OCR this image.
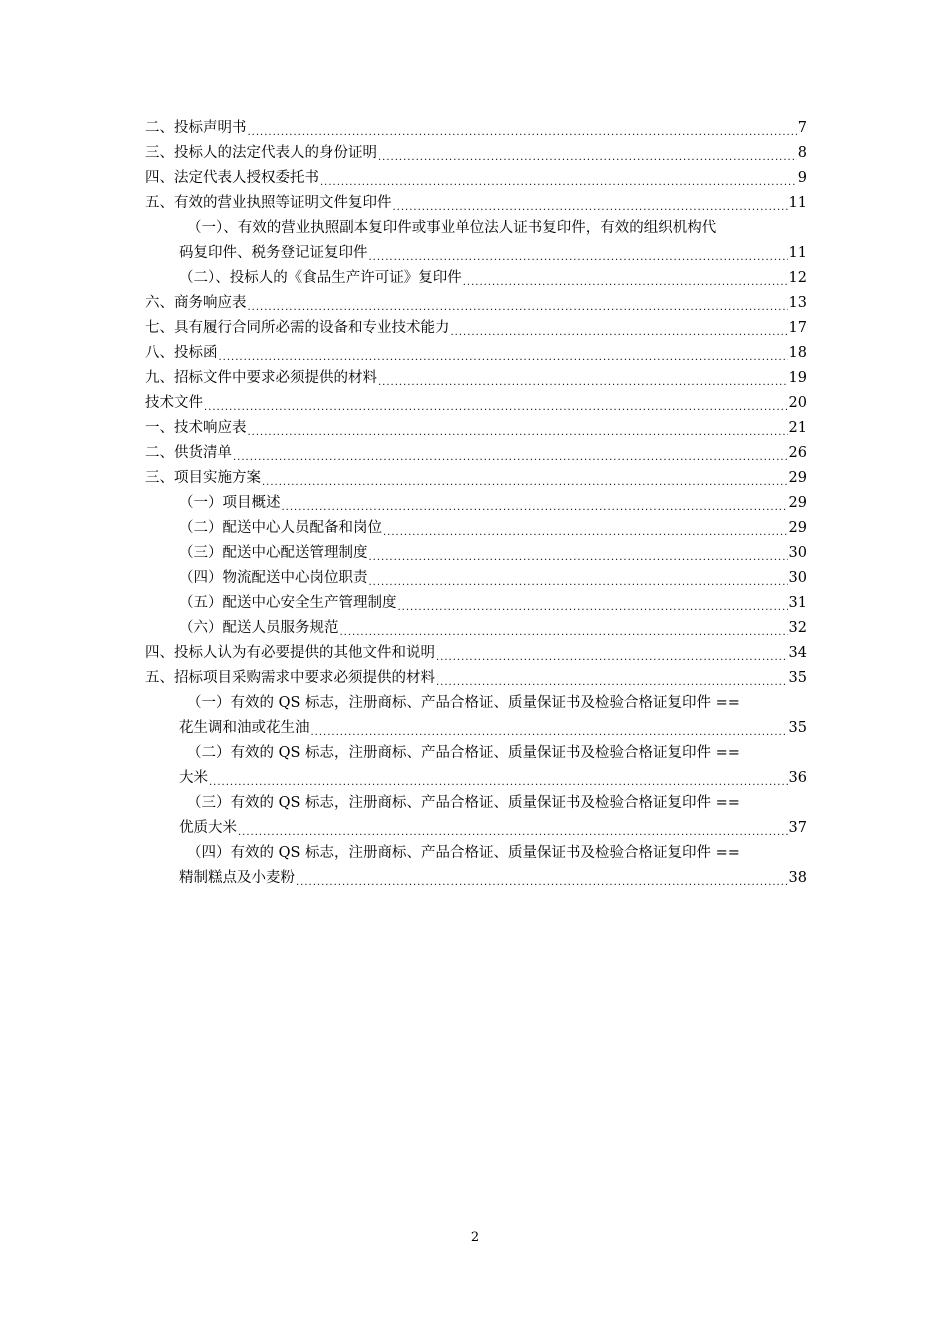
二、投标声明书 .....	7
三、投标人的法定代表人的身份证明 .....	8
四、法定代表人授权委托书 .....	9
五、有效的营业执照等证明文件复印件 .....	11
（一）、有效的营业执照副本复印件或事业单位法人证书复印件，有效的组织机构代
码复印件、税务登记证复印件 .....	11
（二）、投标人的《食品生产许可证》复印件 .....	12
六、商务响应表 .....	13
七、具有履行合同所必需的设备和专业技术能力 .....	17
八、投标函 .....	18
九、招标文件中要求必须提供的材料 .....	19
技术文件 .....	20
一、技术响应表 .....	21
二、供货清单 .....	26
三、项目实施方案 .....	29
（一）项目概述 .....	29
（二）配送中心人员配备和岗位 .....	29
（三）配送中心配送管理制度 .....	30
（四）物流配送中心岗位职责 .....	30
（五）配送中心安全生产管理制度 .....	31
（六）配送人员服务规范 .....	32
四、投标人认为有必要提供的其他文件和说明 .....	34
五、招标项目采购需求中要求必须提供的材料 .....	35
（一）有效的 QS 标志，注册商标、产品合格证、质量保证书及检验合格证复印件 ==
花生调和油或花生油 .....	35
（二）有效的 QS 标志，注册商标、产品合格证、质量保证书及检验合格证复印件 ==
大米 .....	36
（三）有效的 QS 标志，注册商标、产品合格证、质量保证书及检验合格证复印件 ==
优质大米 .....	37
（四）有效的 QS 标志，注册商标、产品合格证、质量保证书及检验合格证复印件 ==
精制糕点及小麦粉 .....	38
2
